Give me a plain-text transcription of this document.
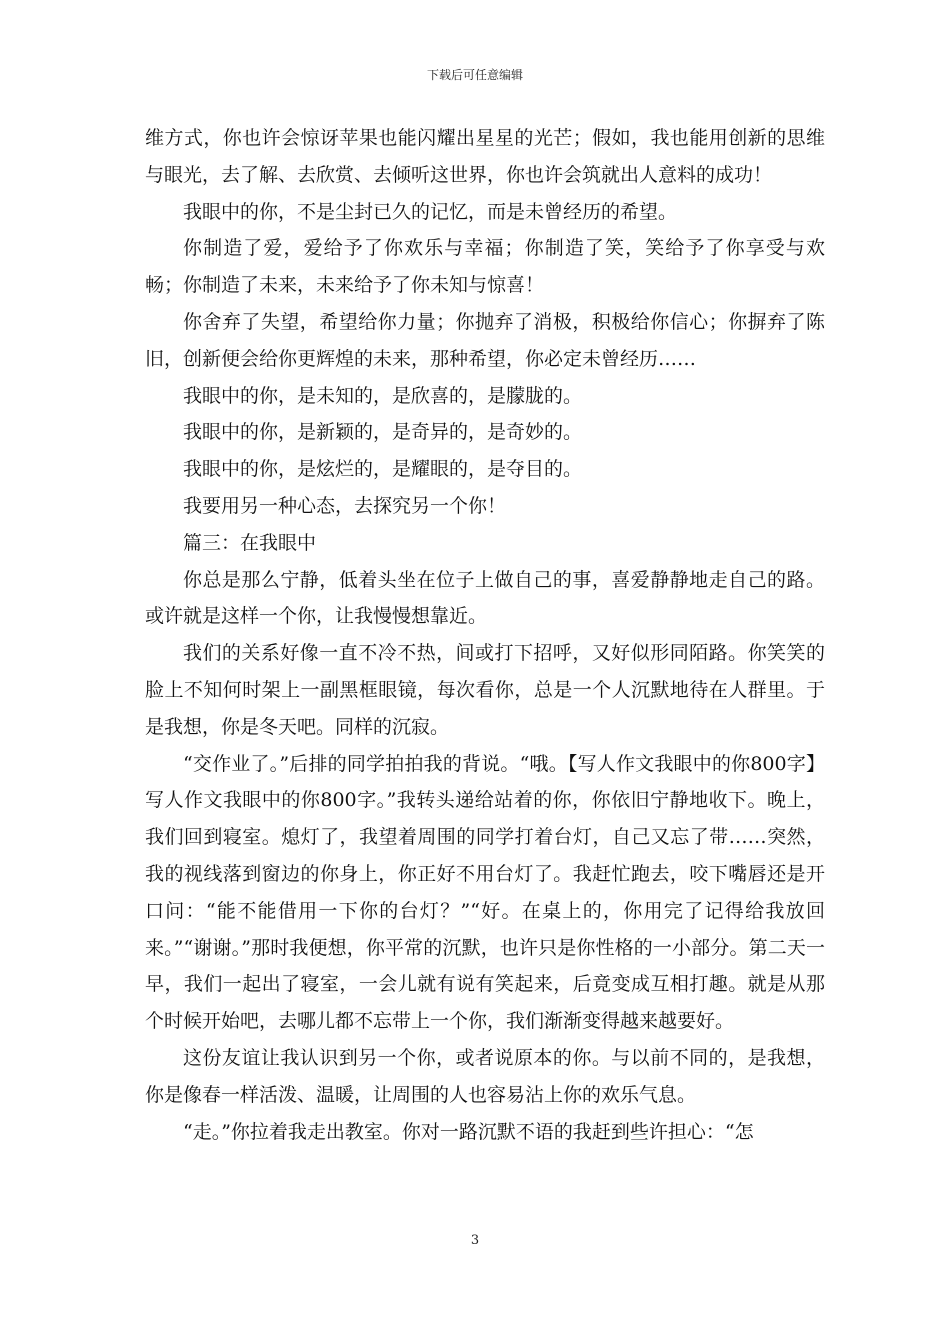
下载后可任意编辑

维方式，你也许会惊讶苹果也能闪耀出星星的光芒；假如，我也能用创新的思维与眼光，去了解、去欣赏、去倾听这世界，你也许会筑就出人意料的成功！

我眼中的你，不是尘封已久的记忆，而是未曾经历的希望。

你制造了爱，爱给予了你欢乐与幸福；你制造了笑，笑给予了你享受与欢畅；你制造了未来，未来给予了你未知与惊喜！

你舍弃了失望，希望给你力量；你抛弃了消极，积极给你信心；你摒弃了陈旧，创新便会给你更辉煌的未来，那种希望，你必定未曾经历……

我眼中的你，是未知的，是欣喜的，是朦胧的。

我眼中的你，是新颖的，是奇异的，是奇妙的。

我眼中的你，是炫烂的，是耀眼的，是夺目的。

我要用另一种心态，去探究另一个你！

篇三：在我眼中

你总是那么宁静，低着头坐在位子上做自己的事，喜爱静静地走自己的路。或许就是这样一个你，让我慢慢想靠近。

我们的关系好像一直不冷不热，间或打下招呼，又好似形同陌路。你笑笑的脸上不知何时架上一副黑框眼镜，每次看你，总是一个人沉默地待在人群里。于是我想，你是冬天吧。同样的沉寂。

“交作业了。”后排的同学拍拍我的背说。“哦。【写人作文我眼中的你800字】写人作文我眼中的你800字。”我转头递给站着的你，你依旧宁静地收下。晚上，我们回到寝室。熄灯了，我望着周围的同学打着台灯，自己又忘了带……突然，我的视线落到窗边的你身上，你正好不用台灯了。我赶忙跑去，咬下嘴唇还是开口问：“能不能借用一下你的台灯？”“好。在桌上的，你用完了记得给我放回来。”“谢谢。”那时我便想，你平常的沉默，也许只是你性格的一小部分。第二天一早，我们一起出了寝室，一会儿就有说有笑起来，后竟变成互相打趣。就是从那个时候开始吧，去哪儿都不忘带上一个你，我们渐渐变得越来越要好。

这份友谊让我认识到另一个你，或者说原本的你。与以前不同的，是我想，你是像春一样活泼、温暖，让周围的人也容易沾上你的欢乐气息。

“走。”你拉着我走出教室。你对一路沉默不语的我赶到些许担心：“怎

3
